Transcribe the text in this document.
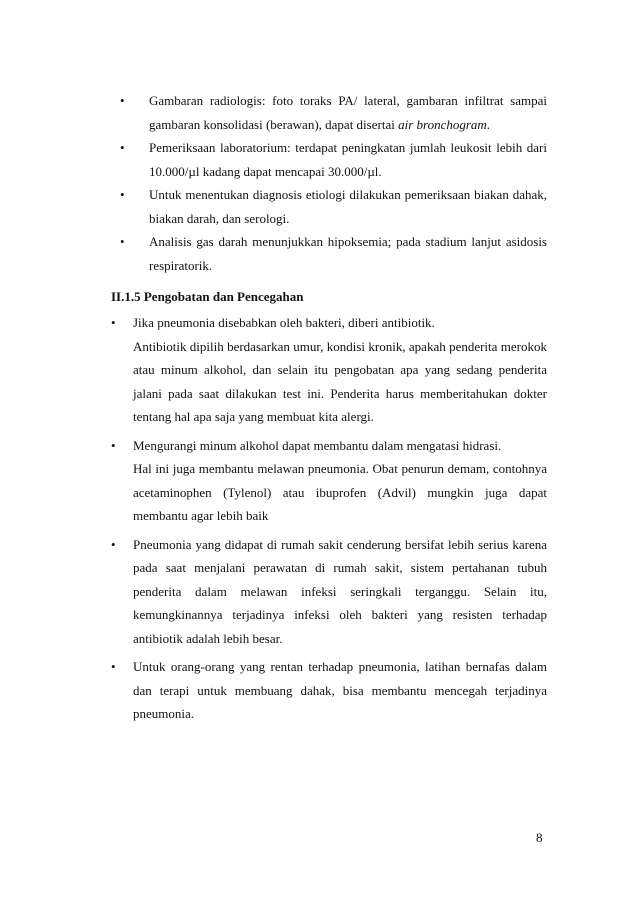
• Gambaran radiologis: foto toraks PA/ lateral, gambaran infiltrat sampai gambaran konsolidasi (berawan), dapat disertai air bronchogram.
• Pemeriksaan laboratorium: terdapat peningkatan jumlah leukosit lebih dari 10.000/µl kadang dapat mencapai 30.000/µl.
• Untuk menentukan diagnosis etiologi dilakukan pemeriksaan biakan dahak, biakan darah, dan serologi.
• Analisis gas darah menunjukkan hipoksemia; pada stadium lanjut asidosis respiratorik.
II.1.5 Pengobatan dan Pencegahan
• Jika pneumonia disebabkan oleh bakteri, diberi antibiotik.

Antibiotik dipilih berdasarkan umur, kondisi kronik, apakah penderita merokok atau minum alkohol, dan selain itu pengobatan apa yang sedang penderita jalani pada saat dilakukan test ini. Penderita harus memberitahukan dokter tentang hal apa saja yang membuat kita alergi.

• Mengurangi minum alkohol dapat membantu dalam mengatasi hidrasi.

Hal ini juga membantu melawan pneumonia. Obat penurun demam, contohnya acetaminophen (Tylenol) atau ibuprofen (Advil) mungkin juga dapat membantu agar lebih baik

• Pneumonia yang didapat di rumah sakit cenderung bersifat lebih serius karena pada saat menjalani perawatan di rumah sakit, sistem pertahanan tubuh penderita dalam melawan infeksi seringkali terganggu. Selain itu, kemungkinannya terjadinya infeksi oleh bakteri yang resisten terhadap antibiotik adalah lebih besar.

• Untuk orang-orang yang rentan terhadap pneumonia, latihan bernafas dalam dan terapi untuk membuang dahak, bisa membantu mencegah terjadinya pneumonia.

8
